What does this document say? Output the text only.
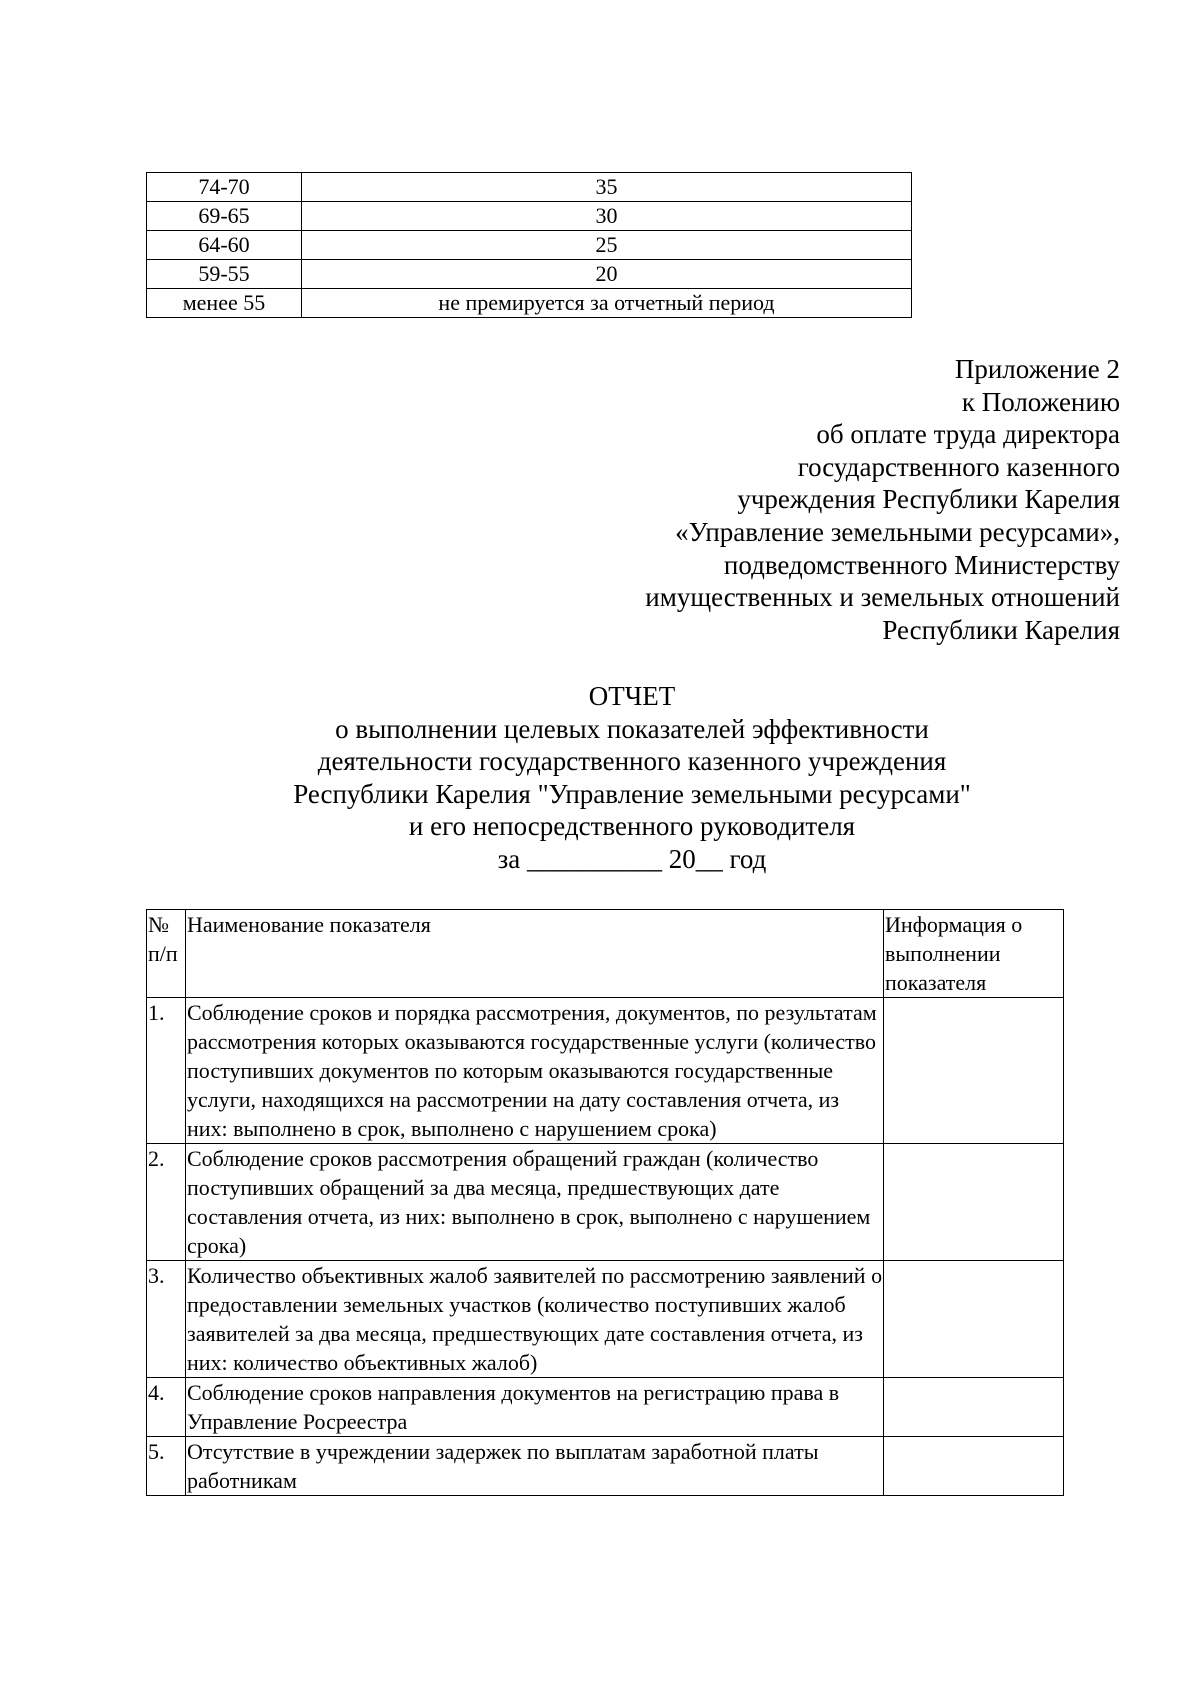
74-70	35
69-65	30
64-60	25
59-55	20
менее 55	не премируется за отчетный период
Приложение 2
к Положению
об оплате труда директора
государственного казенного
учреждения Республики Карелия
«Управление земельными ресурсами»,
подведомственного Министерству
имущественных и земельных отношений
Республики Карелия
ОТЧЕТ
о выполнении целевых показателей эффективности
деятельности государственного казенного учреждения
Республики Карелия "Управление земельными ресурсами"
и его непосредственного руководителя
за __________ 20__ год
№ п/п	Наименование показателя	Информация о выполнении показателя
1.	Соблюдение сроков и порядка рассмотрения, документов, по результатам рассмотрения которых оказываются государственные услуги (количество поступивших документов по которым оказываются государственные услуги, находящихся на рассмотрении на дату составления отчета, из них: выполнено в срок, выполнено с нарушением срока)	
2.	Соблюдение сроков рассмотрения обращений граждан (количество поступивших обращений за два месяца, предшествующих дате составления отчета, из них: выполнено в срок, выполнено с нарушением срока)	
3.	Количество объективных жалоб заявителей по рассмотрению заявлений о предоставлении земельных участков (количество поступивших жалоб заявителей за два месяца, предшествующих дате составления отчета, из них: количество объективных жалоб)	
4.	Соблюдение сроков направления документов на регистрацию права в Управление Росреестра	
5.	Отсутствие в учреждении задержек по выплатам заработной платы работникам	
